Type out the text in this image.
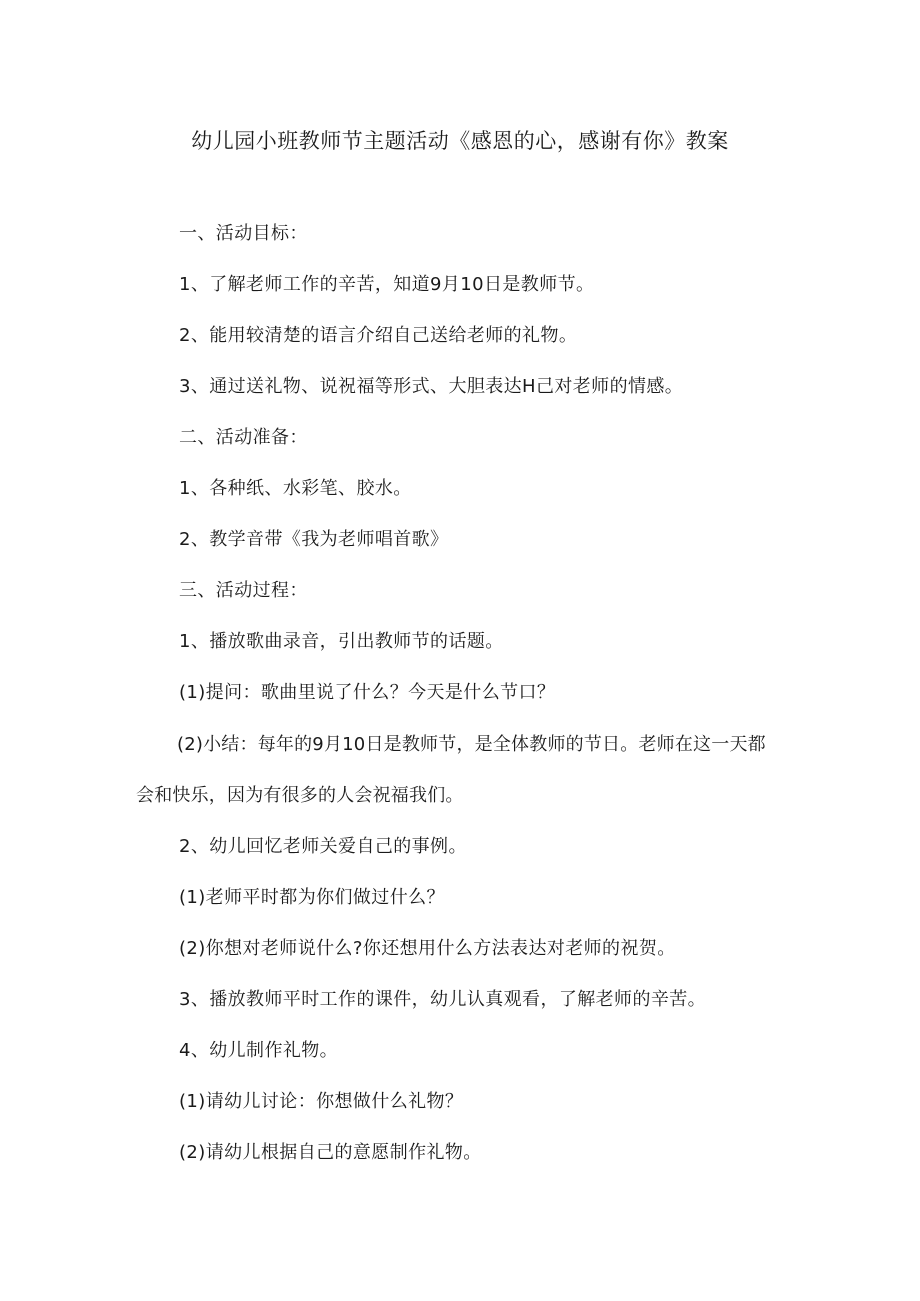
幼儿园小班教师节主题活动《感恩的心，感谢有你》教案

一、活动目标：

1、了解老师工作的辛苦，知道9月10日是教师节。

2、能用较清楚的语言介绍自己送给老师的礼物。

3、通过送礼物、说祝福等形式、大胆表达H己对老师的情感。

二、活动准备：

1、各种纸、水彩笔、胶水。

2、教学音带《我为老师唱首歌》

三、活动过程：

1、播放歌曲录音，引出教师节的话题。

(1)提问：歌曲里说了什么？今天是什么节口？

(2)小结：每年的9月10日是教师节，是全体教师的节日。老师在这一天都会和快乐，因为有很多的人会祝福我们。

2、幼儿回忆老师关爱自己的事例。

(1)老师平时都为你们做过什么？

(2)你想对老师说什么?你还想用什么方法表达对老师的祝贺。

3、播放教师平时工作的课件，幼儿认真观看，了解老师的辛苦。

4、幼儿制作礼物。

(1)请幼儿讨论：你想做什么礼物？

(2)请幼儿根据自己的意愿制作礼物。
